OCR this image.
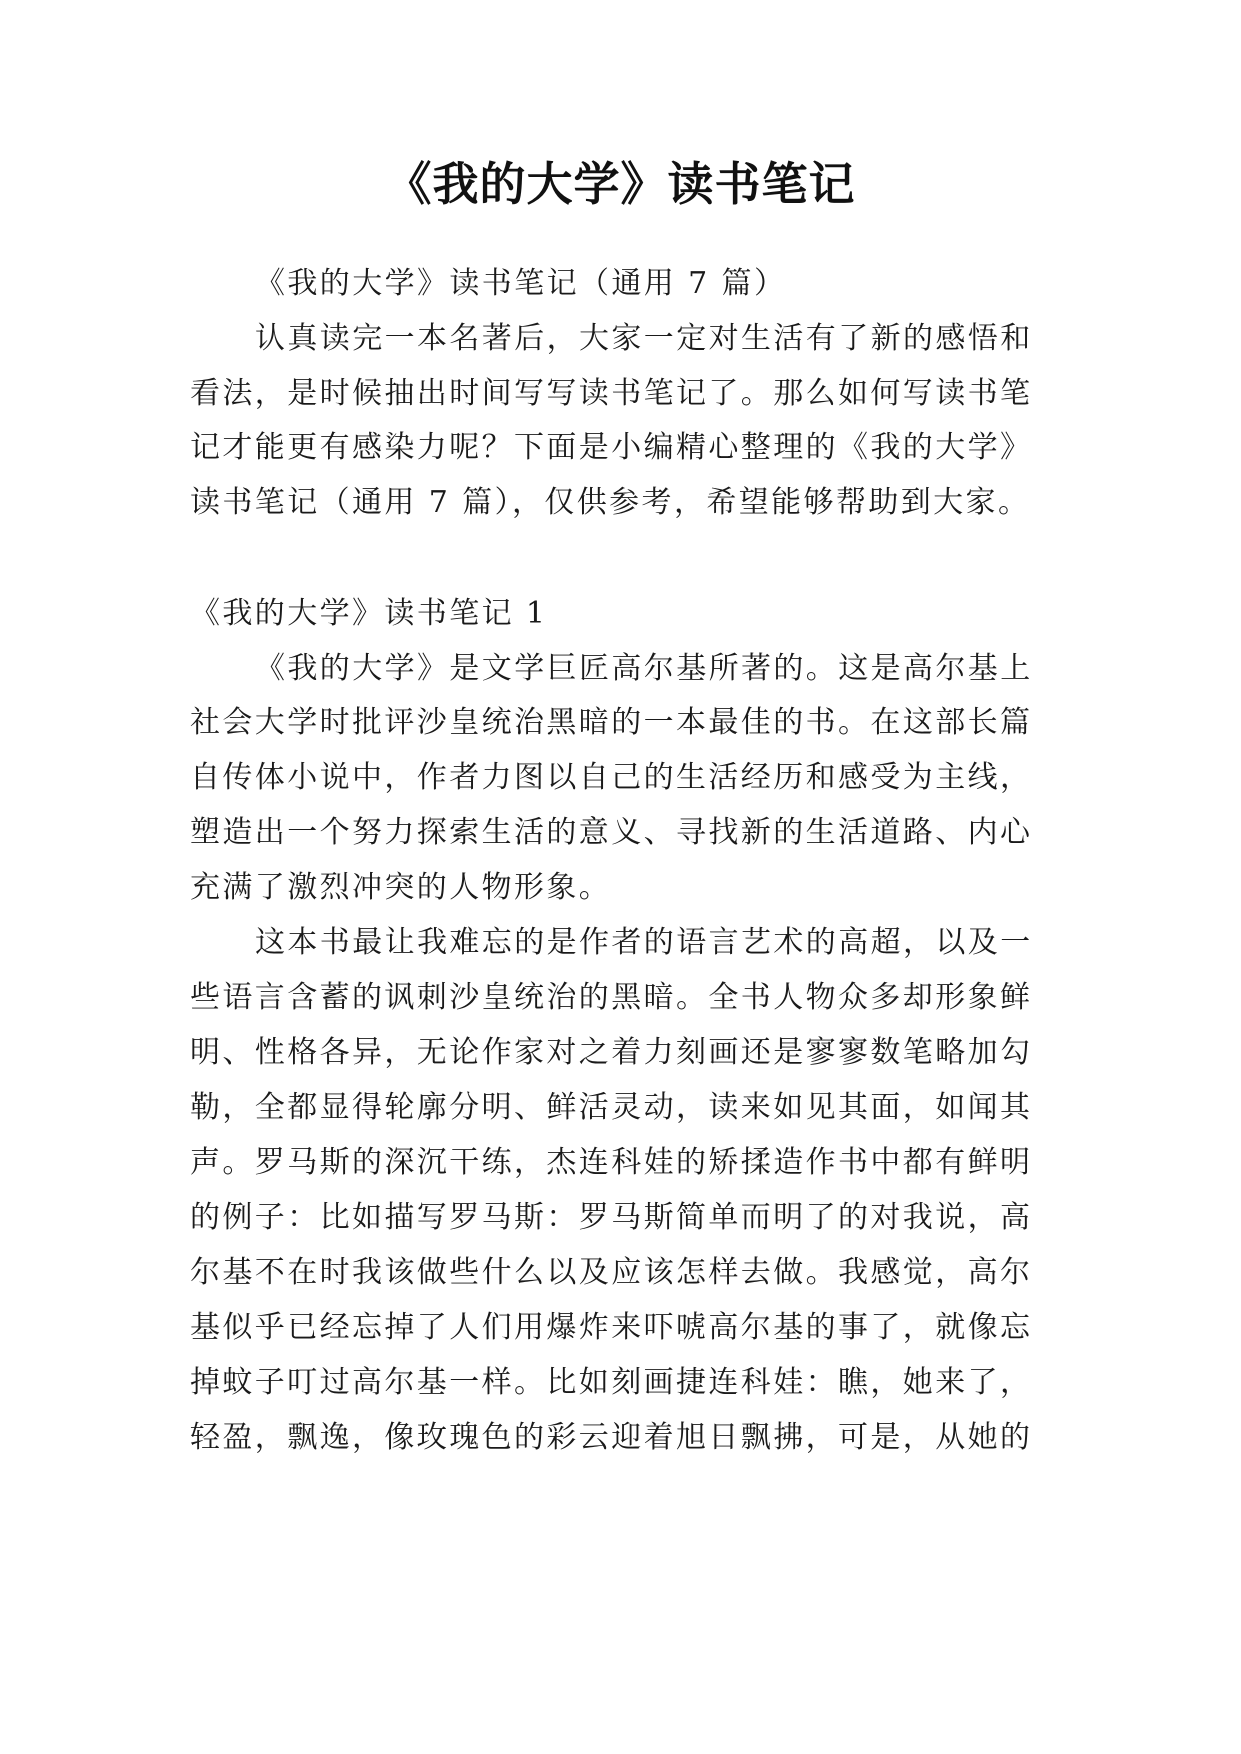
《我的大学》读书笔记
《我的大学》读书笔记（通用 7 篇）
认真读完一本名著后，大家一定对生活有了新的感悟和
看法，是时候抽出时间写写读书笔记了。那么如何写读书笔
记才能更有感染力呢？下面是小编精心整理的《我的大学》
读书笔记（通用 7 篇），仅供参考，希望能够帮助到大家。
《我的大学》读书笔记 1
《我的大学》是文学巨匠高尔基所著的。这是高尔基上
社会大学时批评沙皇统治黑暗的一本最佳的书。在这部长篇
自传体小说中，作者力图以自己的生活经历和感受为主线，
塑造出一个努力探索生活的意义、寻找新的生活道路、内心
充满了激烈冲突的人物形象。
这本书最让我难忘的是作者的语言艺术的高超，以及一
些语言含蓄的讽刺沙皇统治的黑暗。全书人物众多却形象鲜
明、性格各异，无论作家对之着力刻画还是寥寥数笔略加勾
勒，全都显得轮廓分明、鲜活灵动，读来如见其面，如闻其
声。罗马斯的深沉干练，杰连科娃的矫揉造作书中都有鲜明
的例子：比如描写罗马斯：罗马斯简单而明了的对我说，高
尔基不在时我该做些什么以及应该怎样去做。我感觉，高尔
基似乎已经忘掉了人们用爆炸来吓唬高尔基的事了，就像忘
掉蚊子叮过高尔基一样。比如刻画捷连科娃：瞧，她来了，
轻盈，飘逸，像玫瑰色的彩云迎着旭日飘拂，可是，从她的
